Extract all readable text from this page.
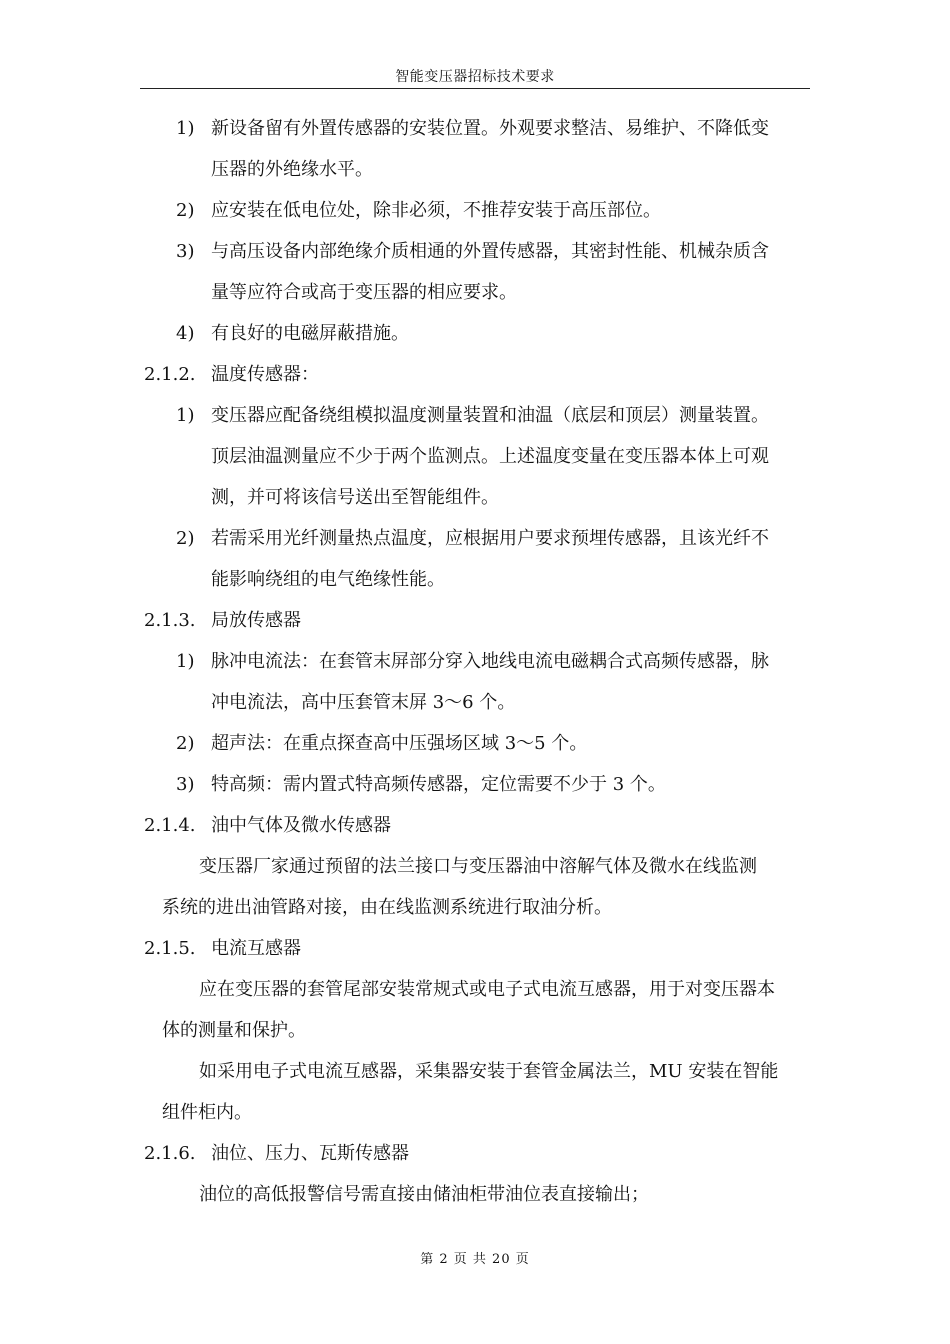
智能变压器招标技术要求
1) 新设备留有外置传感器的安装位置。外观要求整洁、易维护、不降低变
压器的外绝缘水平。
2) 应安装在低电位处，除非必须，不推荐安装于高压部位。
3) 与高压设备内部绝缘介质相通的外置传感器，其密封性能、机械杂质含
量等应符合或高于变压器的相应要求。
4) 有良好的电磁屏蔽措施。
2.1.2. 温度传感器：
1) 变压器应配备绕组模拟温度测量装置和油温（底层和顶层）测量装置。
顶层油温测量应不少于两个监测点。上述温度变量在变压器本体上可观
测，并可将该信号送出至智能组件。
2) 若需采用光纤测量热点温度，应根据用户要求预埋传感器，且该光纤不
能影响绕组的电气绝缘性能。
2.1.3. 局放传感器
1) 脉冲电流法：在套管末屏部分穿入地线电流电磁耦合式高频传感器，脉
冲电流法，高中压套管末屏 3～6 个。
2) 超声法：在重点探查高中压强场区域 3～5 个。
3) 特高频：需内置式特高频传感器，定位需要不少于 3 个。
2.1.4. 油中气体及微水传感器
变压器厂家通过预留的法兰接口与变压器油中溶解气体及微水在线监测
系统的进出油管路对接，由在线监测系统进行取油分析。
2.1.5. 电流互感器
应在变压器的套管尾部安装常规式或电子式电流互感器，用于对变压器本
体的测量和保护。
如采用电子式电流互感器，采集器安装于套管金属法兰，MU 安装在智能
组件柜内。
2.1.6. 油位、压力、瓦斯传感器
油位的高低报警信号需直接由储油柜带油位表直接输出；
第 2 页 共 20 页
